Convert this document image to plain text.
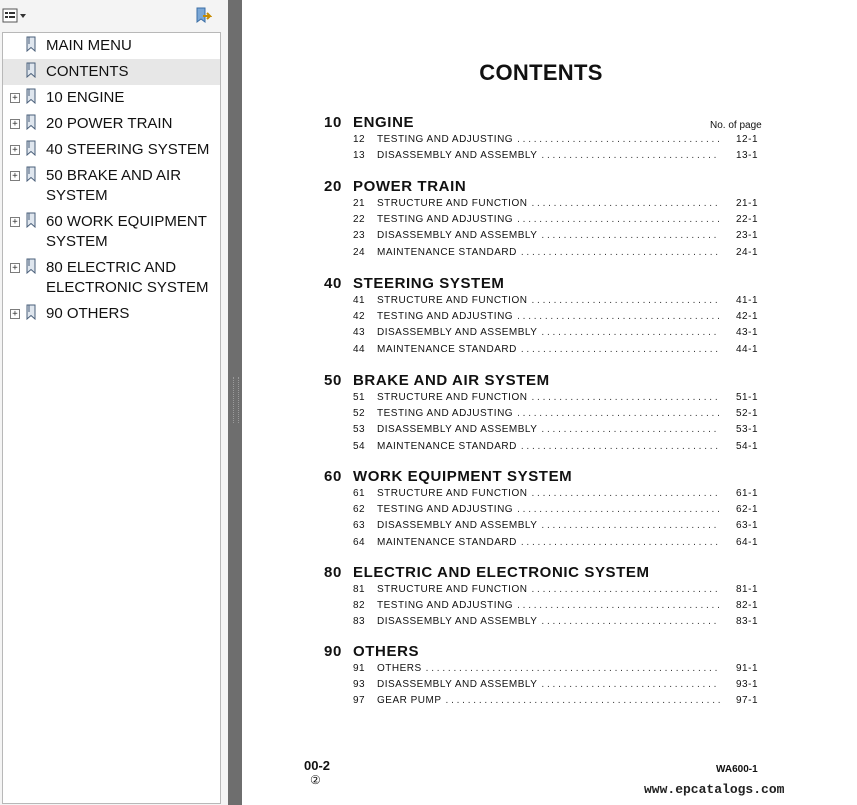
MAIN MENU
CONTENTS
+ 10 ENGINE
+ 20 POWER TRAIN
+ 40 STEERING SYSTEM
+ 50 BRAKE AND AIR
SYSTEM
+ 60 WORK EQUIPMENT
SYSTEM
+ 80 ELECTRIC AND
ELECTRONIC SYSTEM
+ 90 OTHERS
CONTENTS
No. of page
10 ENGINE
12	TESTING AND ADJUSTING . . .	12-1
13	DISASSEMBLY AND ASSEMBLY . . .	13-1
20 POWER TRAIN
21	STRUCTURE AND FUNCTION . . .	21-1
22	TESTING AND ADJUSTING . . .	22-1
23	DISASSEMBLY AND ASSEMBLY . . .	23-1
24	MAINTENANCE STANDARD . . .	24-1
40 STEERING SYSTEM
41	STRUCTURE AND FUNCTION . . .	41-1
42	TESTING AND ADJUSTING . . .	42-1
43	DISASSEMBLY AND ASSEMBLY . . .	43-1
44	MAINTENANCE STANDARD . . .	44-1
50 BRAKE AND AIR SYSTEM
51	STRUCTURE AND FUNCTION . . .	51-1
52	TESTING AND ADJUSTING . . .	52-1
53	DISASSEMBLY AND ASSEMBLY . . .	53-1
54	MAINTENANCE STANDARD . . .	54-1
60 WORK EQUIPMENT SYSTEM
61	STRUCTURE AND FUNCTION . . .	61-1
62	TESTING AND ADJUSTING . . .	62-1
63	DISASSEMBLY AND ASSEMBLY . . .	63-1
64	MAINTENANCE STANDARD . . .	64-1
80 ELECTRIC AND ELECTRONIC SYSTEM
81	STRUCTURE AND FUNCTION . . .	81-1
82	TESTING AND ADJUSTING . . .	82-1
83	DISASSEMBLY AND ASSEMBLY . . .	83-1
90 OTHERS
91	OTHERS . . .	91-1
93	DISASSEMBLY AND ASSEMBLY . . .	93-1
97	GEAR PUMP . . .	97-1
00-2
②
WA600-1
www.epcatalogs.com
